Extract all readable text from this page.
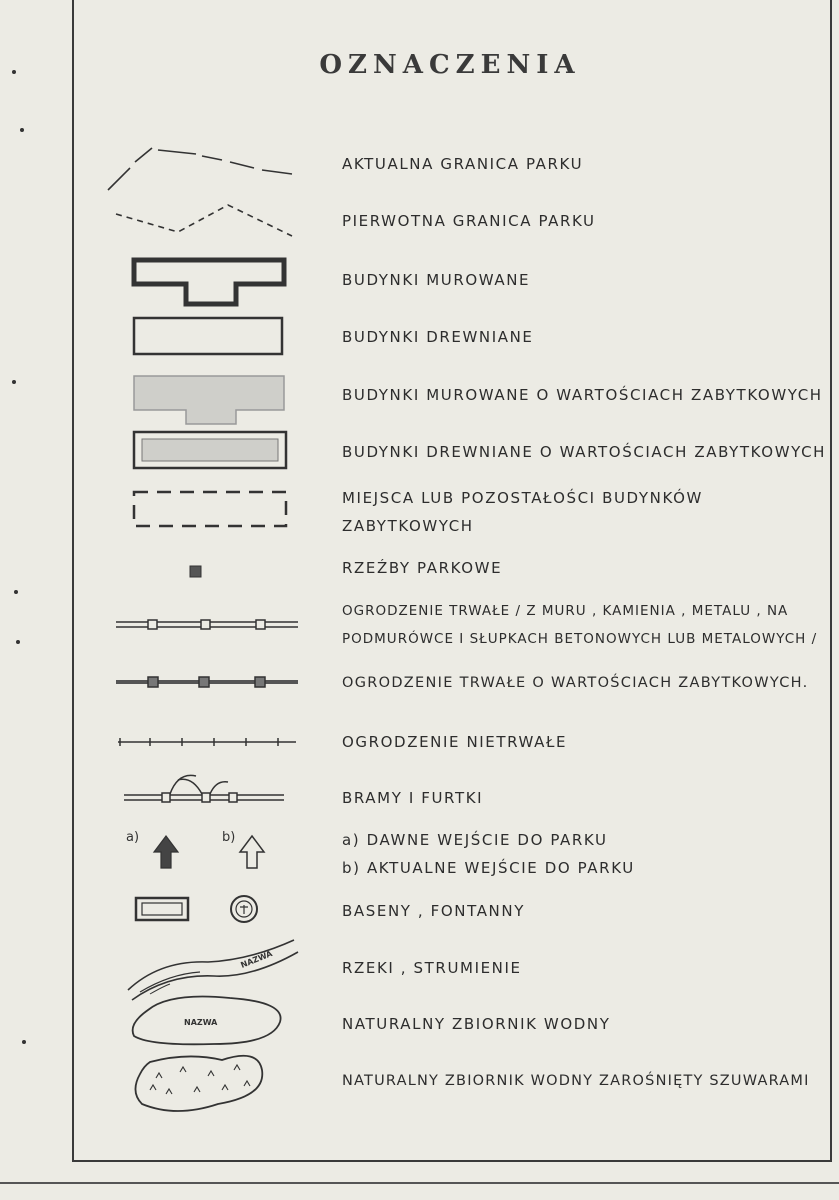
OZNACZENIA
AKTUALNA GRANICA PARKU
PIERWOTNA GRANICA PARKU
BUDYNKI MUROWANE
BUDYNKI DREWNIANE
BUDYNKI MUROWANE O WARTOŚCIACH ZABYTKOWYCH
BUDYNKI DREWNIANE O WARTOŚCIACH ZABYTKOWYCH
MIEJSCA LUB POZOSTAŁOŚCI BUDYNKÓW
ZABYTKOWYCH
RZEŹBY PARKOWE
OGRODZENIE TRWAŁE / Z MURU , KAMIENIA , METALU , NA
PODMURÓWCE I SŁUPKACH BETONOWYCH LUB METALOWYCH /
OGRODZENIE TRWAŁE O WARTOŚCIACH ZABYTKOWYCH.
OGRODZENIE NIETRWAŁE
BRAMY I FURTKI
a) DAWNE WEJŚCIE DO PARKU
b) AKTUALNE WEJŚCIE DO PARKU
BASENY , FONTANNY
RZEKI , STRUMIENIE
NATURALNY ZBIORNIK WODNY
NATURALNY ZBIORNIK WODNY ZAROŚNIĘTY SZUWARAMI
a)	b)
NAZWA
NAZWA
